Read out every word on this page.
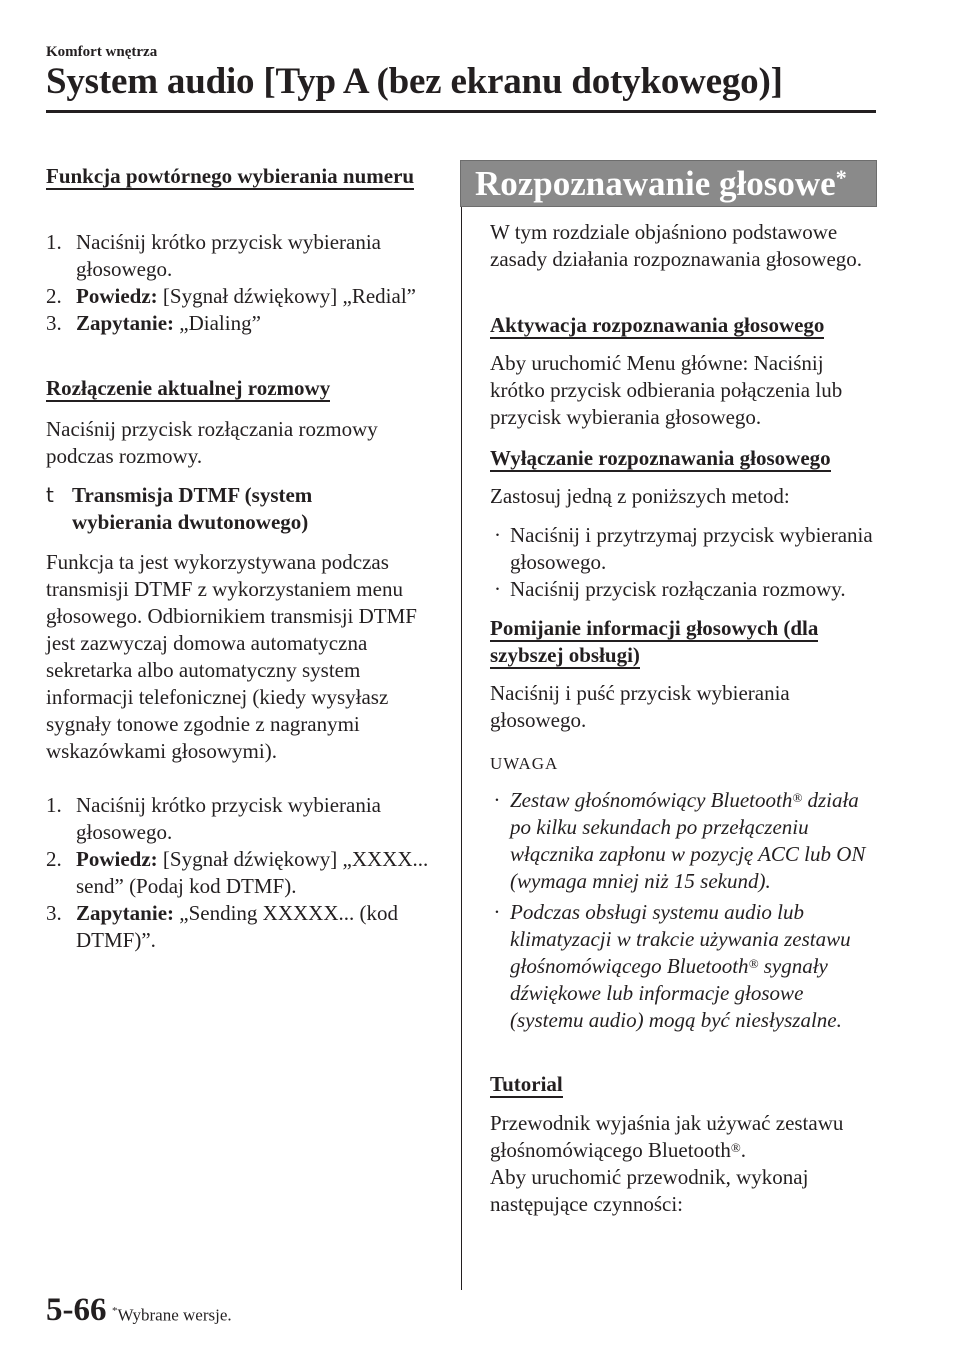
Komfort wnętrza
System audio [Typ A (bez ekranu dotykowego)]
Funkcja powtórnego wybierania numeru
1. Naciśnij krótko przycisk wybierania głosowego.
2. Powiedz: [Sygnał dźwiękowy] „Redial”
3. Zapytanie: „Dialing”
Rozłączenie aktualnej rozmowy

Naciśnij przycisk rozłączania rozmowy podczas rozmowy.

t Transmisja DTMF (system wybierania dwutonowego)

Funkcja ta jest wykorzystywana podczas transmisji DTMF z wykorzystaniem menu głosowego. Odbiornikiem transmisji DTMF jest zazwyczaj domowa automatyczna sekretarka albo automatyczny system informacji telefonicznej (kiedy wysyłasz sygnały tonowe zgodnie z nagranymi wskazówkami głosowymi).

1. Naciśnij krótko przycisk wybierania głosowego.
2. Powiedz: [Sygnał dźwiękowy] „XXXX... send” (Podaj kod DTMF).
3. Zapytanie: „Sending XXXXX... (kod DTMF)”.
Rozpoznawanie głosowe*

W tym rozdziale objaśniono podstawowe zasady działania rozpoznawania głosowego.

Aktywacja rozpoznawania głosowego

Aby uruchomić Menu główne: Naciśnij krótko przycisk odbierania połączenia lub przycisk wybierania głosowego.

Wyłączanie rozpoznawania głosowego

Zastosuj jedną z poniższych metod:

· Naciśnij i przytrzymaj przycisk wybierania głosowego.
· Naciśnij przycisk rozłączania rozmowy.
Pomijanie informacji głosowych (dla szybszej obsługi)

Naciśnij i puść przycisk wybierania głosowego.

UWAGA

· Zestaw głośnomówiący Bluetooth® działa po kilku sekundach po przełączeniu włącznika zapłonu w pozycję ACC lub ON (wymaga mniej niż 15 sekund).
· Podczas obsługi systemu audio lub klimatyzacji w trakcie używania zestawu głośnomówiącego Bluetooth® sygnały dźwiękowe lub informacje głosowe (systemu audio) mogą być niesłyszalne.
Tutorial
Przewodnik wyjaśnia jak używać zestawu głośnomówiącego Bluetooth®.
Aby uruchomić przewodnik, wykonaj następujące czynności:
5-66 *Wybrane wersje.
